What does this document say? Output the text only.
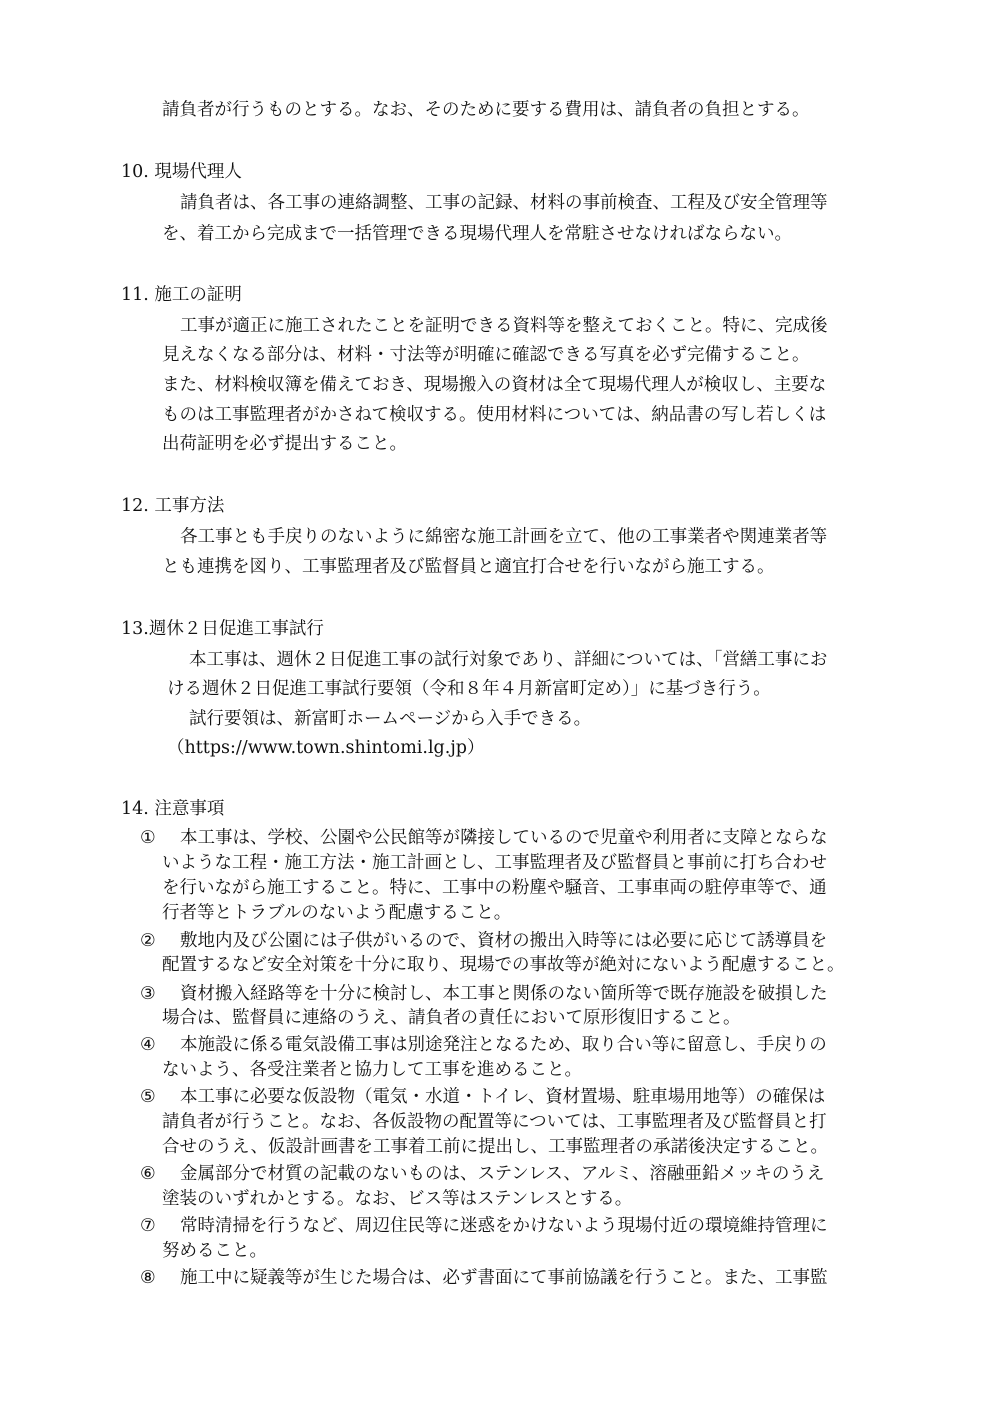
請負者が行うものとする。なお、そのために要する費用は、請負者の負担とする。
10. 現場代理人
請負者は、各工事の連絡調整、工事の記録、材料の事前検査、工程及び安全管理等
を、着工から完成まで一括管理できる現場代理人を常駐させなければならない。
11. 施工の証明
工事が適正に施工されたことを証明できる資料等を整えておくこと。特に、完成後
見えなくなる部分は、材料・寸法等が明確に確認できる写真を必ず完備すること。
また、材料検収簿を備えておき、現場搬入の資材は全て現場代理人が検収し、主要な
ものは工事監理者がかさねて検収する。使用材料については、納品書の写し若しくは
出荷証明を必ず提出すること。
12. 工事方法
各工事とも手戻りのないように綿密な施工計画を立て、他の工事業者や関連業者等
とも連携を図り、工事監理者及び監督員と適宜打合せを行いながら施工する。
13.週休２日促進工事試行
本工事は、週休２日促進工事の試行対象であり、詳細については、「営繕工事にお
ける週休２日促進工事試行要領（令和８年４月新富町定め）」に基づき行う。
試行要領は、新富町ホームページから入手できる。
（https://www.town.shintomi.lg.jp）
14. 注意事項
① 本工事は、学校、公園や公民館等が隣接しているので児童や利用者に支障とならな
いような工程・施工方法・施工計画とし、工事監理者及び監督員と事前に打ち合わせ
を行いながら施工すること。特に、工事中の粉塵や騒音、工事車両の駐停車等で、通
行者等とトラブルのないよう配慮すること。
② 敷地内及び公園には子供がいるので、資材の搬出入時等には必要に応じて誘導員を
配置するなど安全対策を十分に取り、現場での事故等が絶対にないよう配慮すること。
③ 資材搬入経路等を十分に検討し、本工事と関係のない箇所等で既存施設を破損した
場合は、監督員に連絡のうえ、請負者の責任において原形復旧すること。
④ 本施設に係る電気設備工事は別途発注となるため、取り合い等に留意し、手戻りの
ないよう、各受注業者と協力して工事を進めること。
⑤ 本工事に必要な仮設物（電気・水道・トイレ、資材置場、駐車場用地等）の確保は
請負者が行うこと。なお、各仮設物の配置等については、工事監理者及び監督員と打
合せのうえ、仮設計画書を工事着工前に提出し、工事監理者の承諾後決定すること。
⑥ 金属部分で材質の記載のないものは、ステンレス、アルミ、溶融亜鉛メッキのうえ
塗装のいずれかとする。なお、ビス等はステンレスとする。
⑦ 常時清掃を行うなど、周辺住民等に迷惑をかけないよう現場付近の環境維持管理に
努めること。
⑧ 施工中に疑義等が生じた場合は、必ず書面にて事前協議を行うこと。また、工事監
